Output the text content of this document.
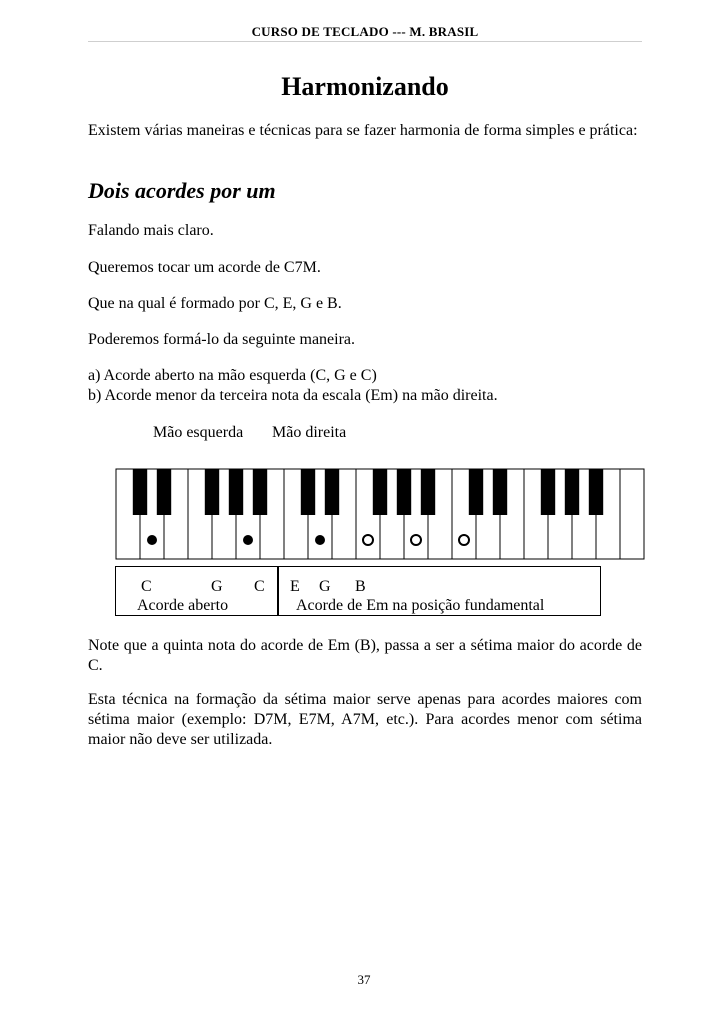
CURSO DE TECLADO --- M. BRASIL
Harmonizando
Existem várias maneiras e técnicas para se fazer harmonia de forma simples e prática:
Dois acordes por um
Falando mais claro.
Queremos tocar um acorde de C7M.
Que na qual é formado por C, E, G e B.
Poderemos formá-lo da seguinte maneira.
a) Acorde aberto na mão esquerda (C, G e C)
b) Acorde menor da terceira nota da escala (Em) na mão direita.
Mão esquerda Mão direita
C	G C
Acorde aberto
E G B
Acorde de Em na posição fundamental
Note que a quinta nota do acorde de Em (B), passa a ser a sétima maior do acorde de C.
Esta técnica na formação da sétima maior serve apenas para acordes maiores com sétima maior (exemplo: D7M, E7M, A7M, etc.). Para acordes menor com sétima maior não deve ser utilizada.
37
